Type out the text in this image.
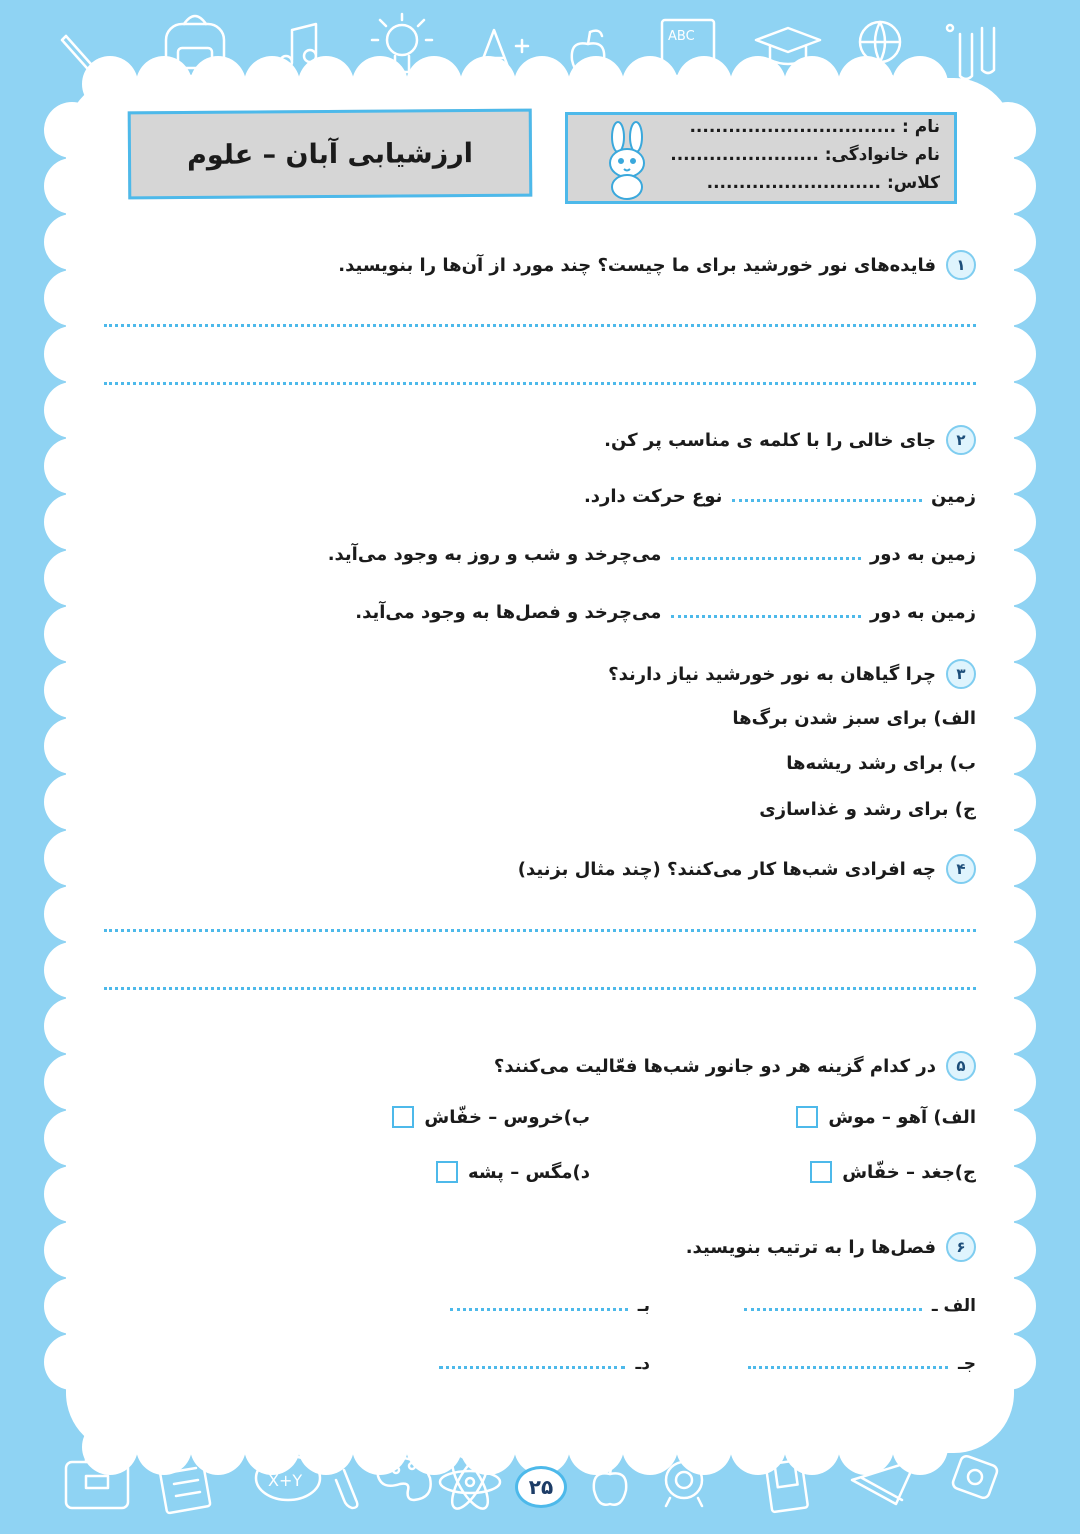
ABC
X+Y
ارزشیابی آبان – علوم
نام : ................................
نام خانوادگی: .......................
کلاس: ...........................
۱
فایده‌های نور خورشید برای ما چیست؟ چند مورد از آن‌ها را بنویسید.
۲
جای خالی را با کلمه ی مناسب پر کن.
زمین  نوع حرکت دارد.
زمین به دور  می‌چرخد و شب و روز به وجود می‌آید.
زمین به دور  می‌چرخد و فصل‌ها به وجود می‌آید.
۳
چرا گیاهان به نور خورشید نیاز دارند؟
الف) برای سبز شدن برگ‌ها
ب) برای رشد ریشه‌ها
ج) برای رشد و غذاسازی
۴
چه افرادی شب‌ها کار می‌کنند؟ (چند مثال بزنید)
۵
در کدام گزینه هر دو جانور شب‌ها فعّالیت می‌کنند؟
الف) آهو – موش
ب)خروس – خفّاش
ج)جغد – خفّاش
د)مگس – پشه
۶
فصل‌ها را به ترتیب بنویسید.
الف ـ
بـ
جـ
دـ
۲۵
